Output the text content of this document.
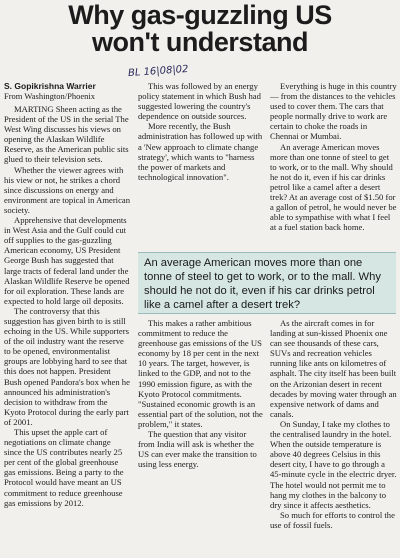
Why gas-guzzling US
won't understand
BL 16|08|02
S. Gopikrishna Warrier
From Washington/Phoenix

MARTING Sheen acting as the President of the US in the serial The West Wing discusses his views on opening the Alaskan Wildlife Reserve, as the American public sits glued to their television sets.

Whether the viewer agrees with his view or not, he strikes a chord since discussions on energy and environment are topical in American society.

Apprehensive that developments in West Asia and the Gulf could cut off supplies to the gas-guzzling American economy, US President George Bush has suggested that large tracts of federal land under the Alaskan Wildlife Reserve be opened for oil exploration. These lands are expected to hold large oil deposits.

The controversy that this suggestion has given birth to is still echoing in the US. While supporters of the oil industry want the reserve to be opened, environmentalist groups are lobbying hard to see that this does not happen. President Bush opened Pandora's box when he announced his administration's decision to withdraw from the Kyoto Protocol during the early part of 2001.

This upset the apple cart of negotiations on climate change since the US contributes nearly 25 per cent of the global greenhouse gas emissions. Being a party to the Protocol would have meant an US commitment to reduce greenhouse gas emissions by 2012.

This was followed by an energy policy statement in which Bush had suggested lowering the country's dependence on outside sources.

More recently, the Bush administration has followed up with a 'New approach to climate change strategy', which wants to "harness the power of markets and technological innovation".

Everything is huge in this country — from the distances to the vehicles used to cover them. The cars that people normally drive to work are certain to choke the roads in Chennai or Mumbai.

An average American moves more than one tonne of steel to get to work, or to the mall. Why should he not do it, even if his car drinks petrol like a camel after a desert trek? At an average cost of $1.50 for a gallon of petrol, he would never be able to sympathise with what I feel at a fuel station back home.

An average American moves more than one tonne of steel to get to work, or to the mall. Why should he not do it, even if his car drinks petrol like a camel after a desert trek?

This makes a rather ambitious commitment to reduce the greenhouse gas emissions of the US economy by 18 per cent in the next 10 years. The target, however, is linked to the GDP, and not to the 1990 emission figure, as with the Kyoto Protocol commitments. "Sustained economic growth is an essential part of the solution, not the problem," it states.

The question that any visitor from India will ask is whether the US can ever make the transition to using less energy.

As the aircraft comes in for landing at sun-kissed Phoenix one can see thousands of these cars, SUVs and recreation vehicles running like ants on kilometres of asphalt. The city itself has been built on the Arizonian desert in recent decades by moving water through an expensive network of dams and canals.

On Sunday, I take my clothes to the centralised laundry in the hotel. When the outside temperature is above 40 degrees Celsius in this desert city, I have to go through a 45-minute cycle in the electric dryer. The hotel would not permit me to hang my clothes in the balcony to dry since it affects aesthetics.

So much for efforts to control the use of fossil fuels.
